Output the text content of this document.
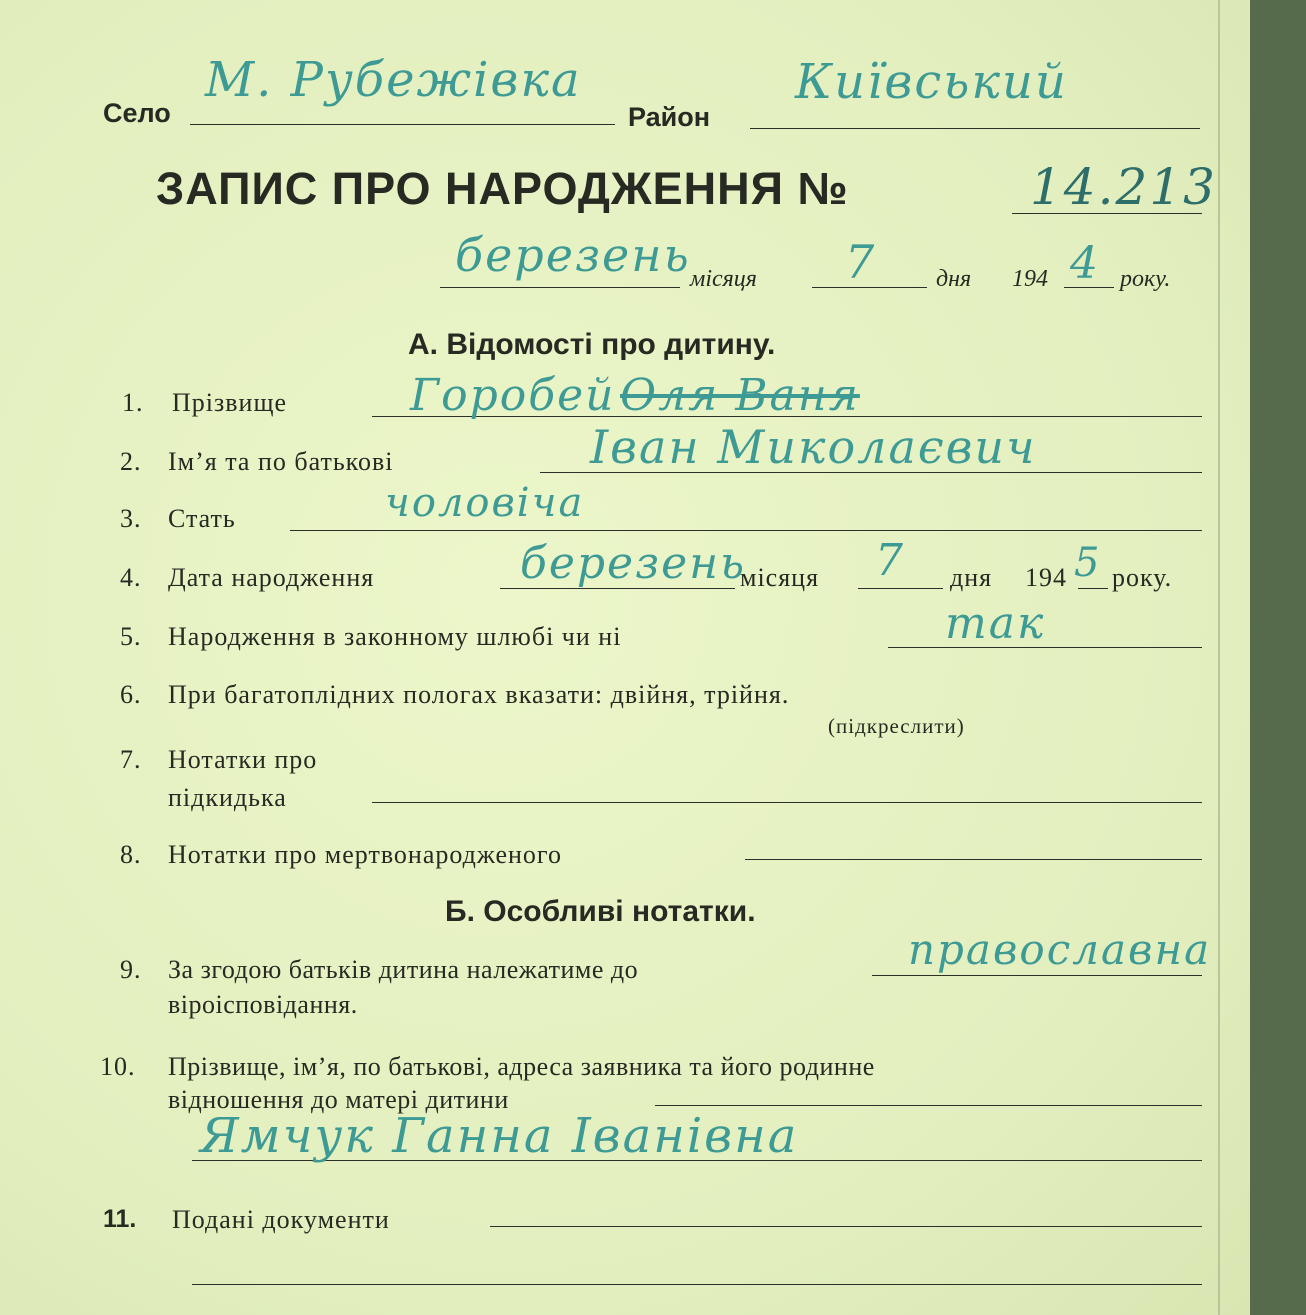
Село
М. Рубежівка
Район
Київський
ЗАПИС ПРО НАРОДЖЕННЯ №	14.213
березень місяця 7 дня 194 4 року.
А. Відомості про дитину.
1. Прізвище	Горобей Оля Ваня
2. Ім’я та по батькові	Іван Миколаєвич
3. Стать	чоловіча
4. Дата народження	березень
місяця 7 дня 194 5 року.
5. Народження в законному шлюбі чи ні	так
6. При багатоплідних пологах вказати: двійня, трійня.
(підкреслити)
7. Нотатки про
підкидька
8. Нотатки про мертвонародженого
Б. Особливі нотатки.
9. За згодою батьків дитина належатиме до
віроісповідання.
православна
10. Прізвище, ім’я, по батькові, адреса заявника та його родинне
відношення до матері дитини
Ямчук Ганна Іванівна
11. Подані документи
